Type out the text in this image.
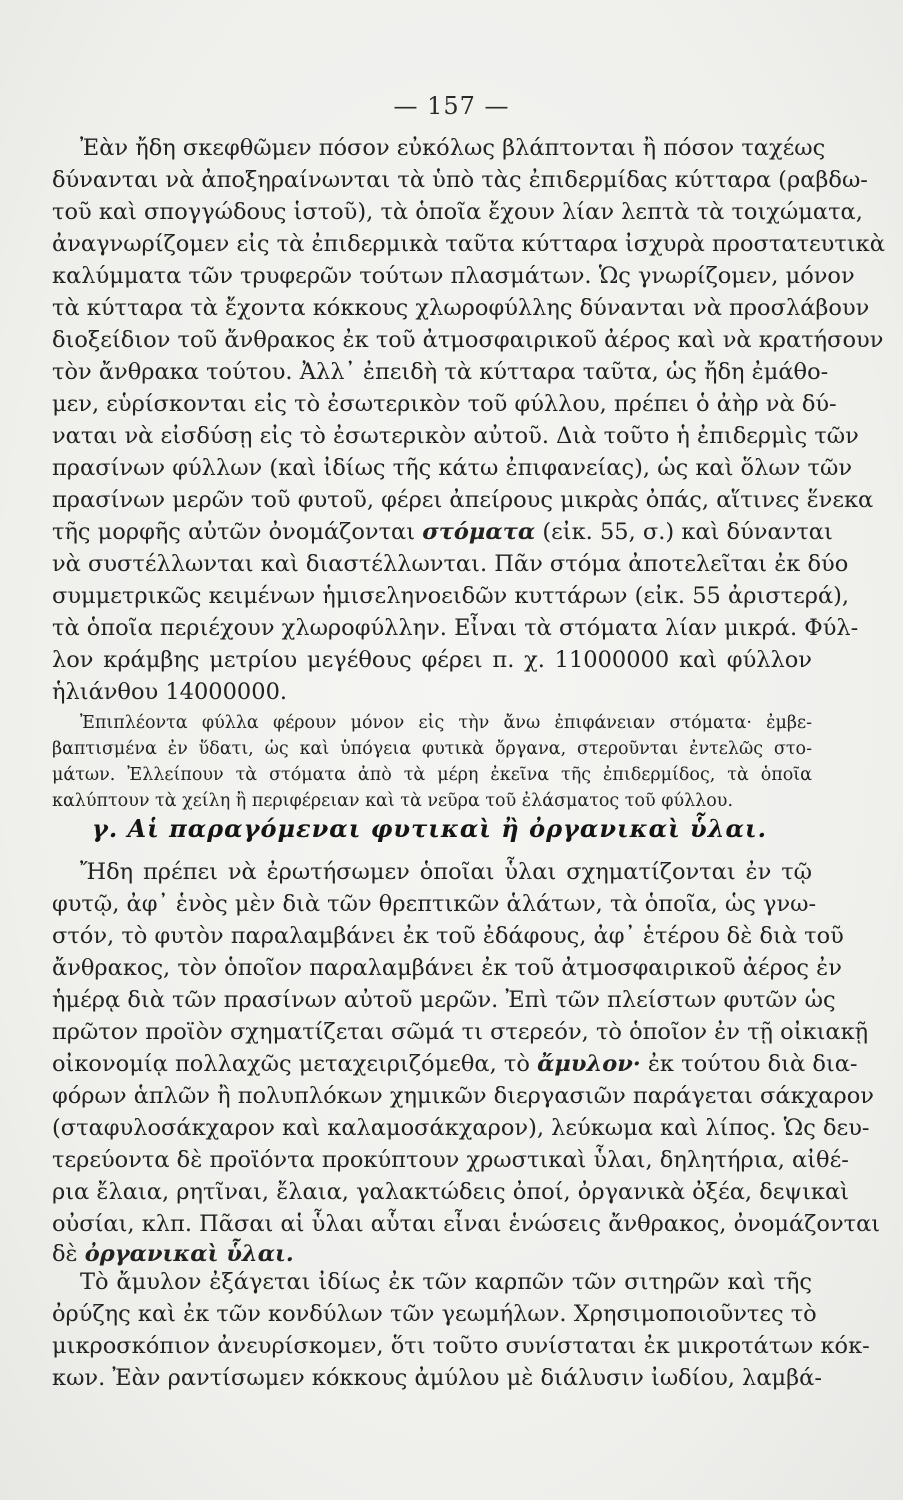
— 157 —
Ἐὰν ἤδη σκεφθῶμεν πόσον εὐκόλως βλάπτονται ἢ πόσον ταχέως
δύνανται νὰ ἀποξηραίνωνται τὰ ὑπὸ τὰς ἐπιδερμίδας κύτταρα (ραβδω-
τοῦ καὶ σπογγώδους ἱστοῦ), τὰ ὁποῖα ἔχουν λίαν λεπτὰ τὰ τοιχώματα,
ἀναγνωρίζομεν εἰς τὰ ἐπιδερμικὰ ταῦτα κύτταρα ἰσχυρὰ προστατευτικὰ
καλύμματα τῶν τρυφερῶν τούτων πλασμάτων. Ὡς γνωρίζομεν, μόνον
τὰ κύτταρα τὰ ἔχοντα κόκκους χλωροφύλλης δύνανται νὰ προσλάβουν
διοξείδιον τοῦ ἄνθρακος ἐκ τοῦ ἀτμοσφαιρικοῦ ἀέρος καὶ νὰ κρατήσουν
τὸν ἄνθρακα τούτου. Ἀλλ᾽ ἐπειδὴ τὰ κύτταρα ταῦτα, ὡς ἤδη ἐμάθο-
μεν, εὑρίσκονται εἰς τὸ ἐσωτερικὸν τοῦ φύλλου, πρέπει ὁ ἀὴρ νὰ δύ-
ναται νὰ εἰσδύσῃ εἰς τὸ ἐσωτερικὸν αὐτοῦ. Διὰ τοῦτο ἡ ἐπιδερμὶς τῶν
πρασίνων φύλλων (καὶ ἰδίως τῆς κάτω ἐπιφανείας), ὡς καὶ ὅλων τῶν
πρασίνων μερῶν τοῦ φυτοῦ, φέρει ἀπείρους μικρὰς ὀπάς, αἵτινες ἕνεκα
τῆς μορφῆς αὐτῶν ὀνομάζονται στόματα (εἰκ. 55, σ.) καὶ δύνανται
νὰ συστέλλωνται καὶ διαστέλλωνται. Πᾶν στόμα ἀποτελεῖται ἐκ δύο
συμμετρικῶς κειμένων ἡμισεληνοειδῶν κυττάρων (εἰκ. 55 ἀριστερά),
τὰ ὁποῖα περιέχουν χλωροφύλλην. Εἶναι τὰ στόματα λίαν μικρά. Φύλ-
λον κράμβης μετρίου μεγέθους φέρει π. χ. 11000000 καὶ φύλλον
ἡλιάνθου 14000000.
Ἐπιπλέοντα φύλλα φέρουν μόνον εἰς τὴν ἄνω ἐπιφάνειαν στόματα· ἐμβε-
βαπτισμένα ἐν ὕδατι, ὡς καὶ ὑπόγεια φυτικὰ ὄργανα, στεροῦνται ἐντελῶς στο-
μάτων. Ἐλλείπουν τὰ στόματα ἀπὸ τὰ μέρη ἐκεῖνα τῆς ἐπιδερμίδος, τὰ ὁποῖα
καλύπτουν τὰ χείλη ἢ περιφέρειαν καὶ τὰ νεῦρα τοῦ ἐλάσματος τοῦ φύλλου.
γ. Αἱ παραγόμεναι φυτικαὶ ἢ ὀργανικαὶ ὗλαι.
Ἤδη πρέπει νὰ ἐρωτήσωμεν ὁποῖαι ὗλαι σχηματίζονται ἐν τῷ
φυτῷ, ἀφ᾽ ἑνὸς μὲν διὰ τῶν θρεπτικῶν ἁλάτων, τὰ ὁποῖα, ὡς γνω-
στόν, τὸ φυτὸν παραλαμβάνει ἐκ τοῦ ἐδάφους, ἀφ᾽ ἑτέρου δὲ διὰ τοῦ
ἄνθρακος, τὸν ὁποῖον παραλαμβάνει ἐκ τοῦ ἀτμοσφαιρικοῦ ἀέρος ἐν
ἡμέρᾳ διὰ τῶν πρασίνων αὐτοῦ μερῶν. Ἐπὶ τῶν πλείστων φυτῶν ὡς
πρῶτον προϊὸν σχηματίζεται σῶμά τι στερεόν, τὸ ὁποῖον ἐν τῇ οἰκιακῇ
οἰκονομίᾳ πολλαχῶς μεταχειριζόμεθα, τὸ ἄμυλον· ἐκ τούτου διὰ δια-
φόρων ἁπλῶν ἢ πολυπλόκων χημικῶν διεργασιῶν παράγεται σάκχαρον
(σταφυλοσάκχαρον καὶ καλαμοσάκχαρον), λεύκωμα καὶ λίπος. Ὡς δευ-
τερεύοντα δὲ προϊόντα προκύπτουν χρωστικαὶ ὗλαι, δηλητήρια, αἰθέ-
ρια ἔλαια, ρητῖναι, ἔλαια, γαλακτώδεις ὀποί, ὀργανικὰ ὀξέα, δεψικαὶ
οὐσίαι, κλπ. Πᾶσαι αἱ ὗλαι αὗται εἶναι ἑνώσεις ἄνθρακος, ὀνομάζονται
δὲ ὀργανικαὶ ὗλαι.
Τὸ ἄμυλον ἐξάγεται ἰδίως ἐκ τῶν καρπῶν τῶν σιτηρῶν καὶ τῆς
ὀρύζης καὶ ἐκ τῶν κονδύλων τῶν γεωμήλων. Χρησιμοποιοῦντες τὸ
μικροσκόπιον ἀνευρίσκομεν, ὅτι τοῦτο συνίσταται ἐκ μικροτάτων κόκ-
κων. Ἐὰν ραντίσωμεν κόκκους ἀμύλου μὲ διάλυσιν ἰωδίου, λαμβά-
